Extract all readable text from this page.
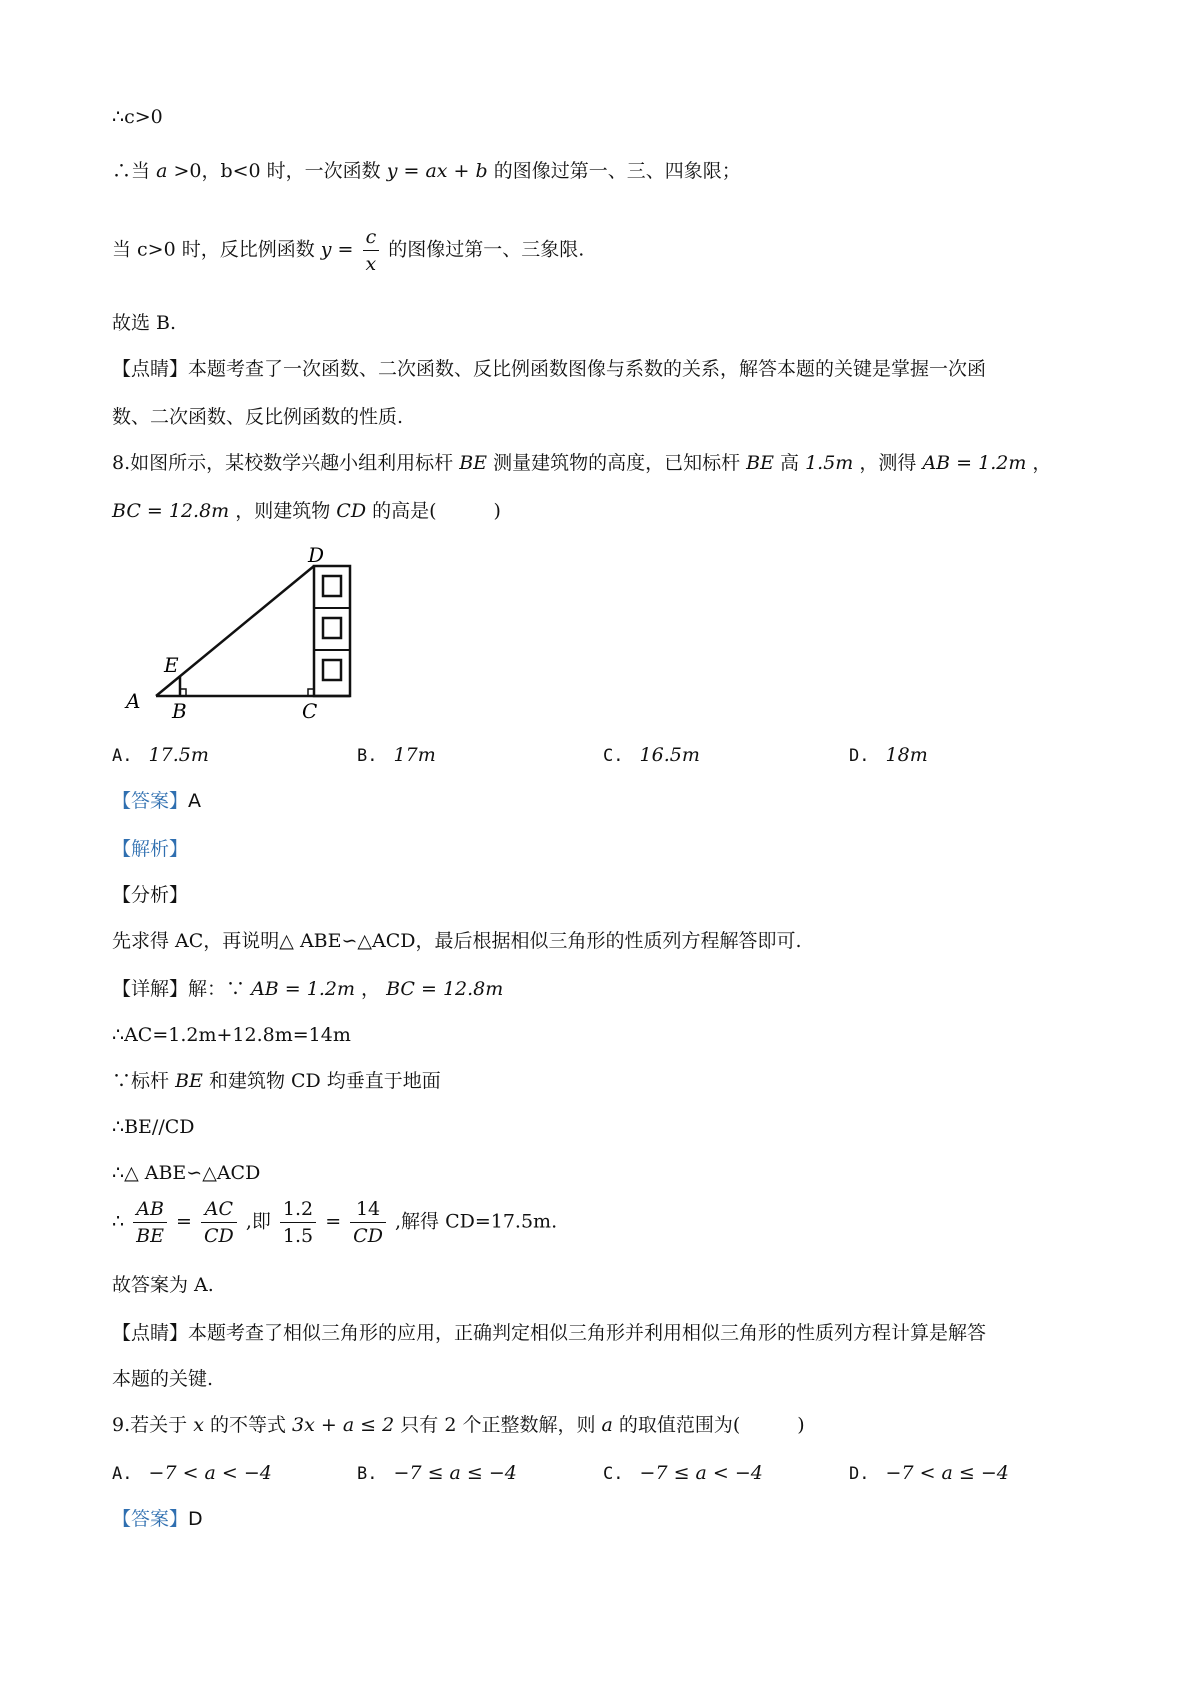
∴c>0
∴当 a >0，b<0 时，一次函数 y = ax + b 的图像过第一、三、四象限；
当 c>0 时，反比例函数 $y = \frac{c}{x}$ 的图像过第一、三象限.
故选 B.
【点睛】本题考查了一次函数、二次函数、反比例函数图像与系数的关系，解答本题的关键是掌握一次函
数、二次函数、反比例函数的性质.
8.如图所示，某校数学兴趣小组利用标杆 BE 测量建筑物的高度，已知标杆 BE 高 1.5m ，测得 AB = 1.2m ，
BC = 12.8m ，则建筑物 CD 的高是(　　　)
D
E
A B	C
A. 17.5m	B. 17m	C. 16.5m	D. 18m
【答案】A
【解析】
【分析】
先求得 AC，再说明△ ABE∽△ACD，最后根据相似三角形的性质列方程解答即可.
【详解】解：∵ AB = 1.2m ， BC = 12.8m
∴AC=1.2m+12.8m=14m
∵标杆 BE 和建筑物 CD 均垂直于地面
∴BE//CD
∴△ ABE∽△ACD
∴ $\frac{AB}{BE} = \frac{AC}{CD}$ ,即 $\frac{1.2}{1.5} = \frac{14}{CD}$ ,解得 CD=17.5m.
故答案为 A.
【点睛】本题考查了相似三角形的应用，正确判定相似三角形并利用相似三角形的性质列方程计算是解答
本题的关键.
9.若关于 x 的不等式 3x + a ≤ 2 只有 2 个正整数解，则 a 的取值范围为(　　　)
A. −7 < a < −4	B. −7 ≤ a ≤ −4	C. −7 ≤ a < −4	D. −7 < a ≤ −4
【答案】D
